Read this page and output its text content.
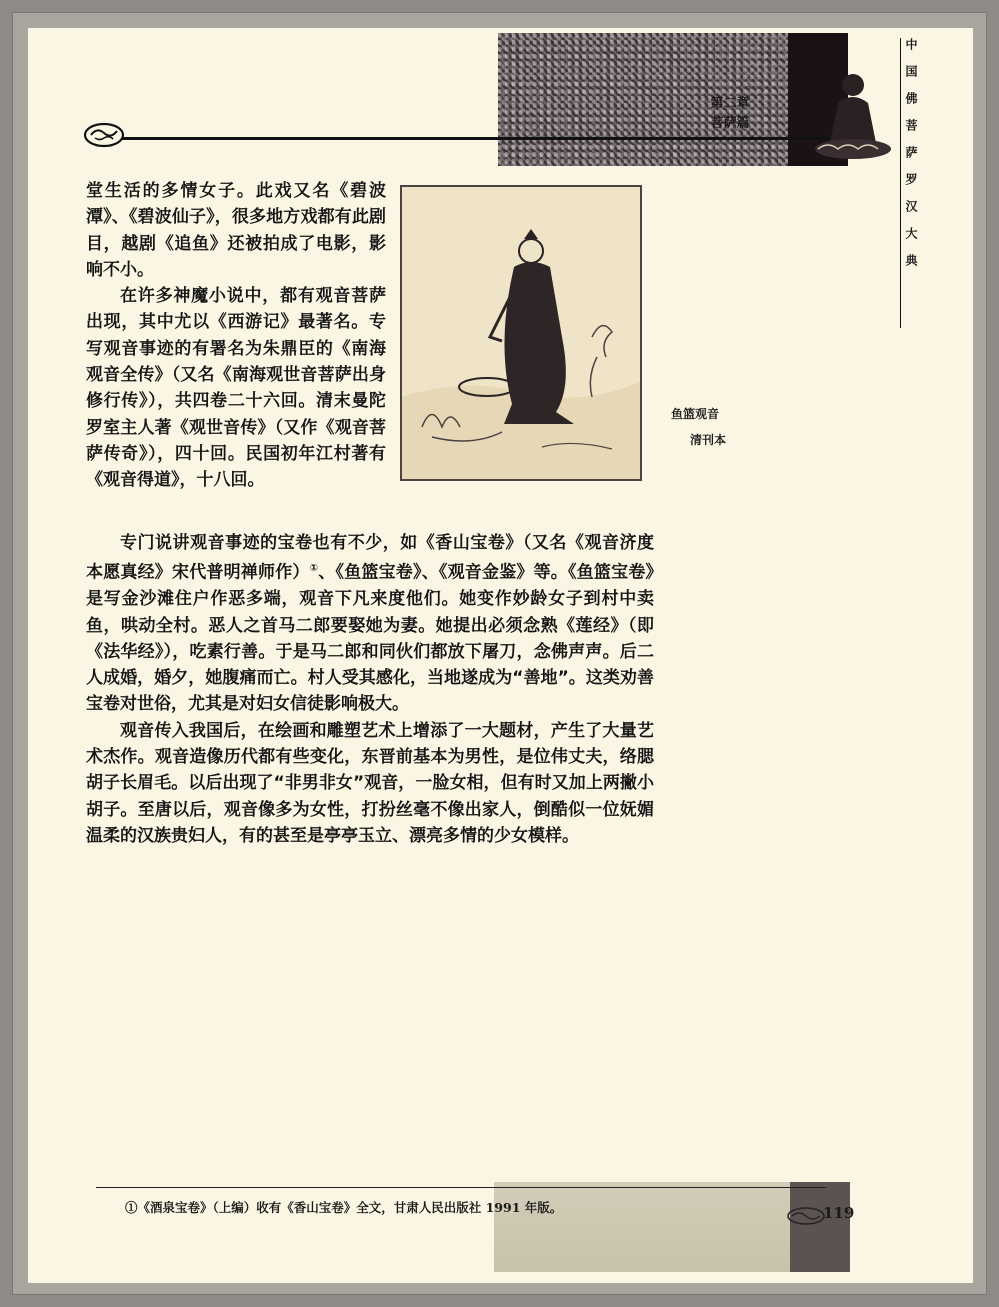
第二章
菩萨篇	中国佛菩萨罗汉大典

堂生活的多情女子。此戏又名《碧波潭》、《碧波仙子》，很多地方戏都有此剧目，越剧《追鱼》还被拍成了电影，影响不小。

在许多神魔小说中，都有观音菩萨出现，其中尤以《西游记》最著名。专写观音事迹的有署名为朱鼎臣的《南海观音全传》（又名《南海观世音菩萨出身修行传》），共四卷二十六回。清末曼陀罗室主人著《观世音传》（又作《观音菩萨传奇》），四十回。民国初年江村著有《观音得道》，十八回。

鱼篮观音
清刊本

专门说讲观音事迹的宝卷也有不少，如《香山宝卷》（又名《观音济度本愿真经》宋代普明禅师作）①、《鱼篮宝卷》、《观音金鉴》等。《鱼篮宝卷》是写金沙滩住户作恶多端，观音下凡来度他们。她变作妙龄女子到村中卖鱼，哄动全村。恶人之首马二郎要娶她为妻。她提出必须念熟《莲经》（即《法华经》），吃素行善。于是马二郎和同伙们都放下屠刀，念佛声声。后二人成婚，婚夕，她腹痛而亡。村人受其感化，当地遂成为“善地”。这类劝善宝卷对世俗，尤其是对妇女信徒影响极大。

观音传入我国后，在绘画和雕塑艺术上增添了一大题材，产生了大量艺术杰作。观音造像历代都有些变化，东晋前基本为男性，是位伟丈夫，络腮胡子长眉毛。以后出现了“非男非女”观音，一脸女相，但有时又加上两撇小胡子。至唐以后，观音像多为女性，打扮丝毫不像出家人，倒酷似一位妩媚温柔的汉族贵妇人，有的甚至是亭亭玉立、漂亮多情的少女模样。

①《酒泉宝卷》（上编）收有《香山宝卷》全文，甘肃人民出版社 1991 年版。	119
